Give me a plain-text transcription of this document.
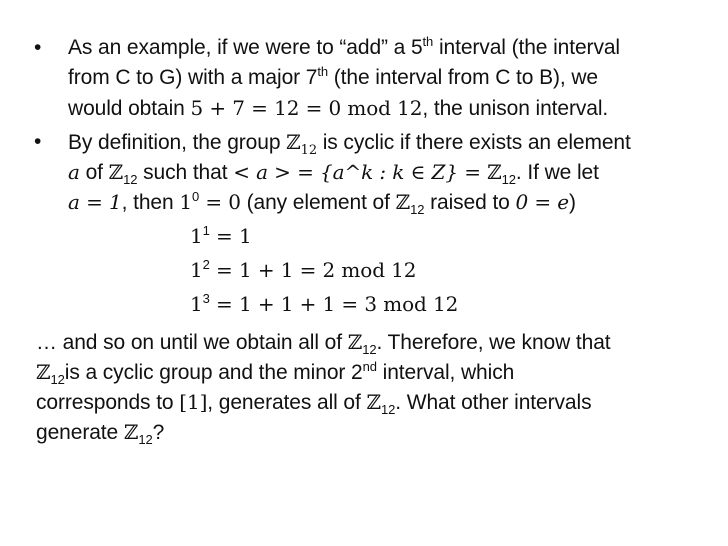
• As an example, if we were to “add” a 5th interval (the interval
from C to G) with a major 7th (the interval from C to B), we
would obtain 5 + 7 = 12 = 0 mod 12, the unison interval.
• By definition, the group ℤ$_{12}$ is cyclic if there exists an element
a of ℤ$_{12}$ such that < a > = {a^k : k ∈ Z} = ℤ$_{12}$. If we let
a = 1, then $1^0 = 0$ (any element of ℤ$_{12}$ raised to 0 = e)
$1^1 = 1$
$1^2 = 1 + 1 = 2$ mod 12
$1^3 = 1 + 1 + 1 = 3$ mod 12
… and so on until we obtain all of ℤ$_{12}$. Therefore, we know that
ℤ$_{12}$is a cyclic group and the minor 2nd interval, which
corresponds to [1], generates all of ℤ$_{12}$. What other intervals
generate ℤ$_{12}$?
